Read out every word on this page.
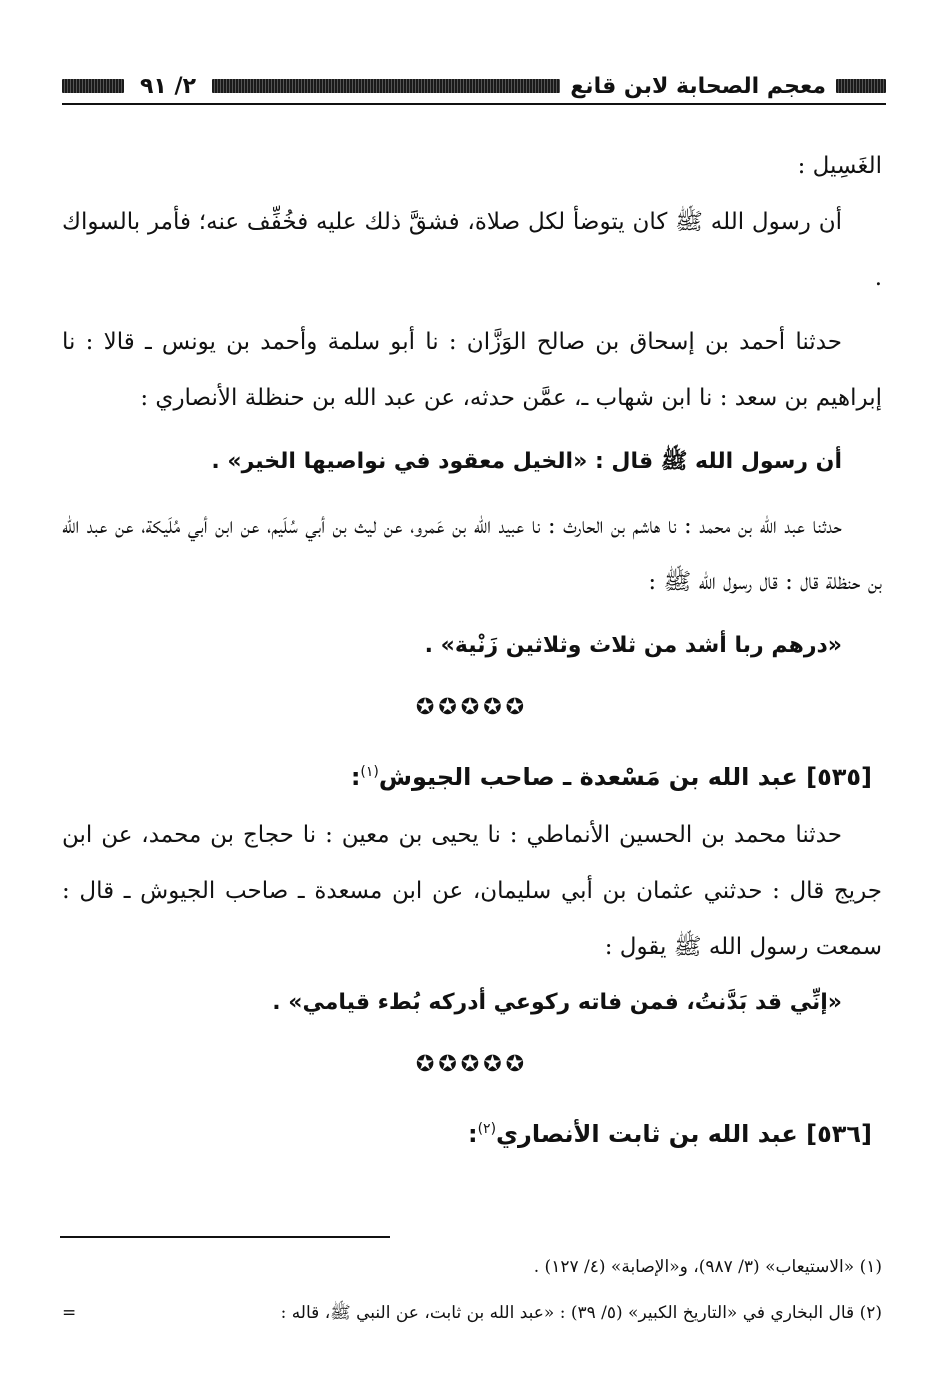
معجم الصحابة لابن قانع
٢/ ٩١

الغَسِيل :

أن رسول الله ﷺ كان يتوضأ لكل صلاة، فشقَّ ذلك عليه فخُفِّف عنه؛ فأمر بالسواك .

حدثنا أحمد بن إسحاق بن صالح الوَزَّان : نا أبو سلمة وأحمد بن يونس ـ قالا : نا إبراهيم بن سعد : نا ابن شهاب ـ، عمَّن حدثه، عن عبد الله بن حنظلة الأنصاري :

أن رسول الله ﷺ قال : «الخيل معقود في نواصيها الخير» .

حدثنا عبد الله بن محمد : نا هاشم بن الحارث : نا عبيد الله بن عَمرو، عن ليث بن أبي سُلَيم، عن ابن أبي مُلَيكة، عن عبد الله بن حنظلة قال : قال رسول الله ﷺ :

«درهم ربا أشد من ثلاث وثلاثين زَنْية» .

✪✪✪✪✪

[٥٣٥] عبد الله بن مَسْعدة ـ صاحب الجيوش$^{(١)}$:

حدثنا محمد بن الحسين الأنماطي : نا يحيى بن معين : نا حجاج بن محمد، عن ابن جريج قال : حدثني عثمان بن أبي سليمان، عن ابن مسعدة ـ صاحب الجيوش ـ قال : سمعت رسول الله ﷺ يقول :

«إنِّي قد بَدَّنتُ، فمن فاته ركوعي أدركه بُطء قيامي» .

✪✪✪✪✪

[٥٣٦] عبد الله بن ثابت الأنصاري$^{(٢)}$:

(١) «الاستيعاب» (٣/ ٩٨٧)، و«الإصابة» (٤/ ١٢٧) .

(٢) قال البخاري في «التاريخ الكبير» (٥/ ٣٩) : «عبد الله بن ثابت، عن النبي ﷺ، قاله :
=
